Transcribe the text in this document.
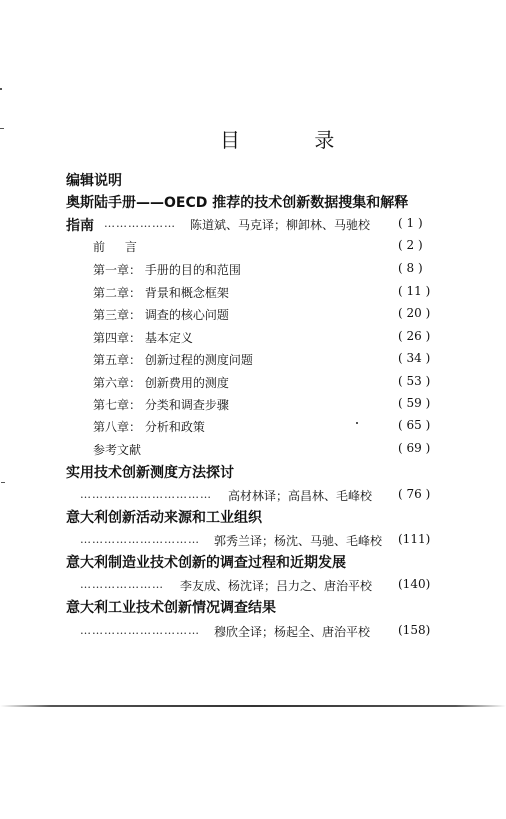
目 录
编辑说明
奥斯陆手册——OECD 推荐的技术创新数据搜集和解释
指南 ……………… 陈道斌、马克译；柳卸林、马驰校 ( 1 )
前 言	( 2 )
第一章： 手册的目的和范围	( 8 )
第二章： 背景和概念框架	( 11 )
第三章： 调查的核心问题	( 20 )
第四章： 基本定义	( 26 )
第五章： 创新过程的测度问题	( 34 )
第六章： 创新费用的测度	( 53 )
第七章： 分类和调查步骤	( 59 )
第八章： 分析和政策	( 65 )
参考文献	( 69 )
实用技术创新测度方法探讨
…………………………… 高材林译；高昌林、毛峰校 ( 76 )
意大利创新活动来源和工业组织
………………………… 郭秀兰译；杨沈、马驰、毛峰校 (111)
意大利制造业技术创新的调查过程和近期发展
………………… 李友成、杨沈译；吕力之、唐治平校 (140)
意大利工业技术创新情况调查结果
………………………… 穆欣全译；杨起全、唐治平校 (158)
